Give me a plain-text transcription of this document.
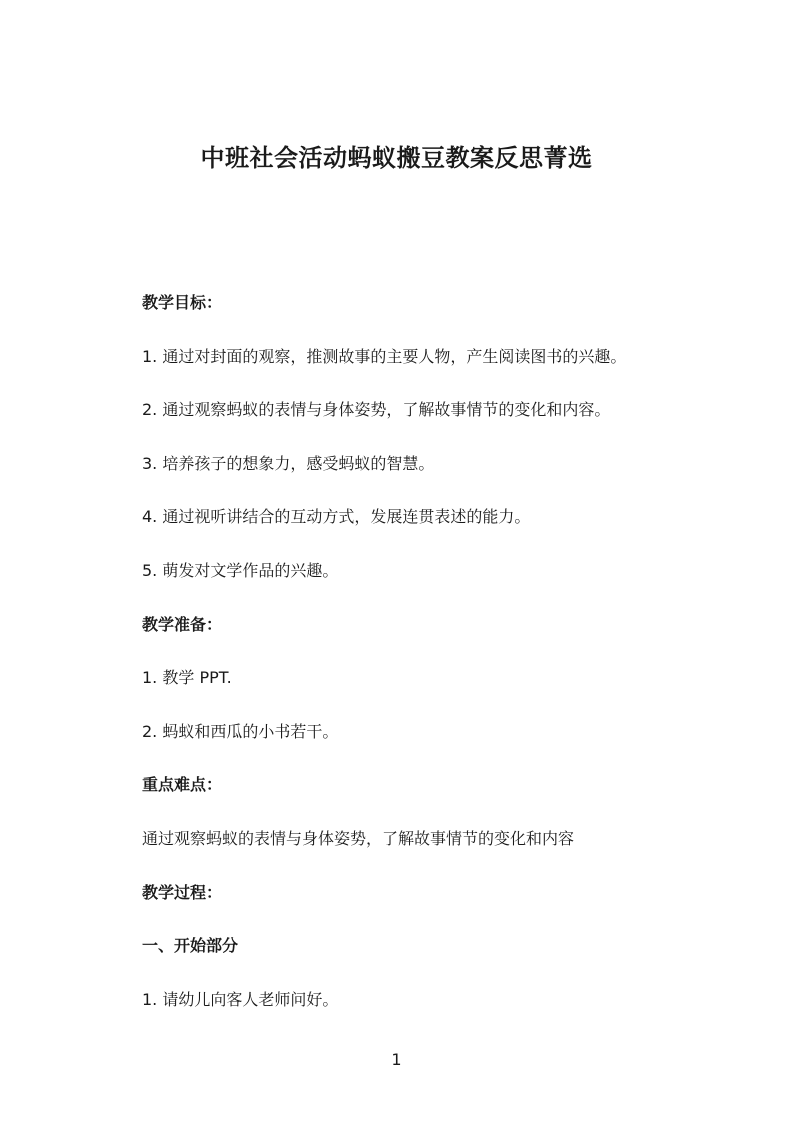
中班社会活动蚂蚁搬豆教案反思菁选

教学目标：

1. 通过对封面的观察，推测故事的主要人物，产生阅读图书的兴趣。

2. 通过观察蚂蚁的表情与身体姿势，了解故事情节的变化和内容。

3. 培养孩子的想象力，感受蚂蚁的智慧。

4. 通过视听讲结合的互动方式，发展连贯表述的能力。

5. 萌发对文学作品的兴趣。

教学准备：

1. 教学 PPT.

2. 蚂蚁和西瓜的小书若干。

重点难点：

通过观察蚂蚁的表情与身体姿势，了解故事情节的变化和内容

教学过程：

一、开始部分

1. 请幼儿向客人老师问好。

1
